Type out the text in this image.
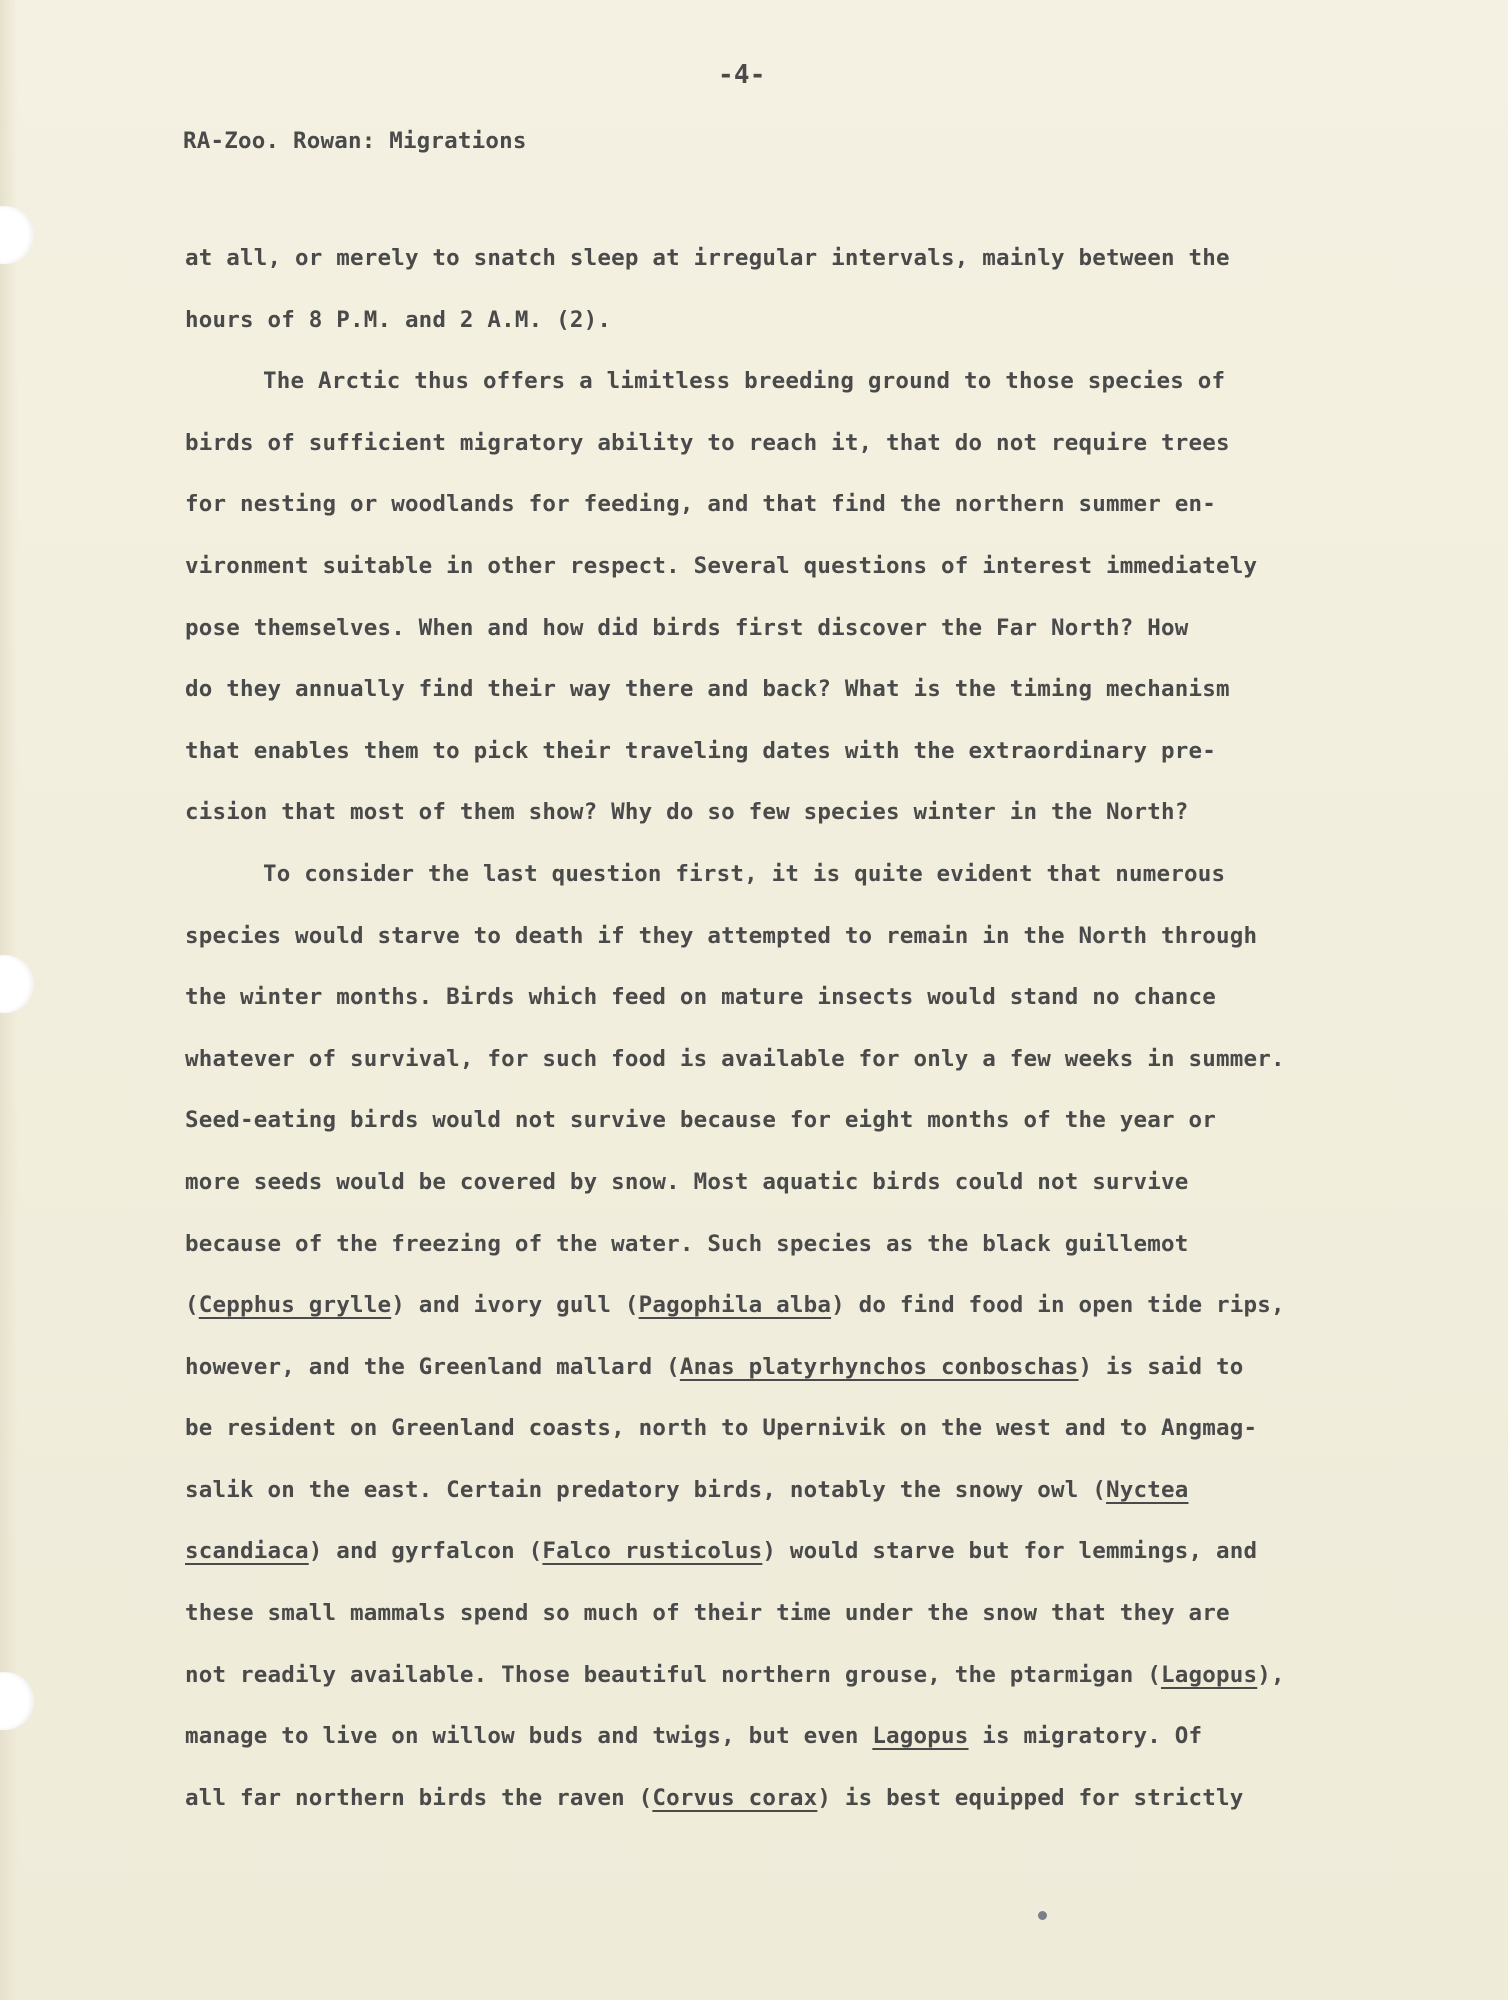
-4-

RA-Zoo. Rowan: Migrations

at all, or merely to snatch sleep at irregular intervals, mainly between the
hours of 8 P.M. and 2 A.M. (2).
The Arctic thus offers a limitless breeding ground to those species of
birds of sufficient migratory ability to reach it, that do not require trees
for nesting or woodlands for feeding, and that find the northern summer en-
vironment suitable in other respect. Several questions of interest immediately
pose themselves. When and how did birds first discover the Far North? How
do they annually find their way there and back? What is the timing mechanism
that enables them to pick their traveling dates with the extraordinary pre-
cision that most of them show? Why do so few species winter in the North?
To consider the last question first, it is quite evident that numerous
species would starve to death if they attempted to remain in the North through
the winter months. Birds which feed on mature insects would stand no chance
whatever of survival, for such food is available for only a few weeks in summer.
Seed-eating birds would not survive because for eight months of the year or
more seeds would be covered by snow. Most aquatic birds could not survive
because of the freezing of the water. Such species as the black guillemot
(Cepphus grylle) and ivory gull (Pagophila alba) do find food in open tide rips,
however, and the Greenland mallard (Anas platyrhynchos conboschas) is said to
be resident on Greenland coasts, north to Upernivik on the west and to Angmag-
salik on the east. Certain predatory birds, notably the snowy owl (Nyctea
scandiaca) and gyrfalcon (Falco rusticolus) would starve but for lemmings, and
these small mammals spend so much of their time under the snow that they are
not readily available. Those beautiful northern grouse, the ptarmigan (Lagopus),
manage to live on willow buds and twigs, but even Lagopus is migratory. Of
all far northern birds the raven (Corvus corax) is best equipped for strictly
